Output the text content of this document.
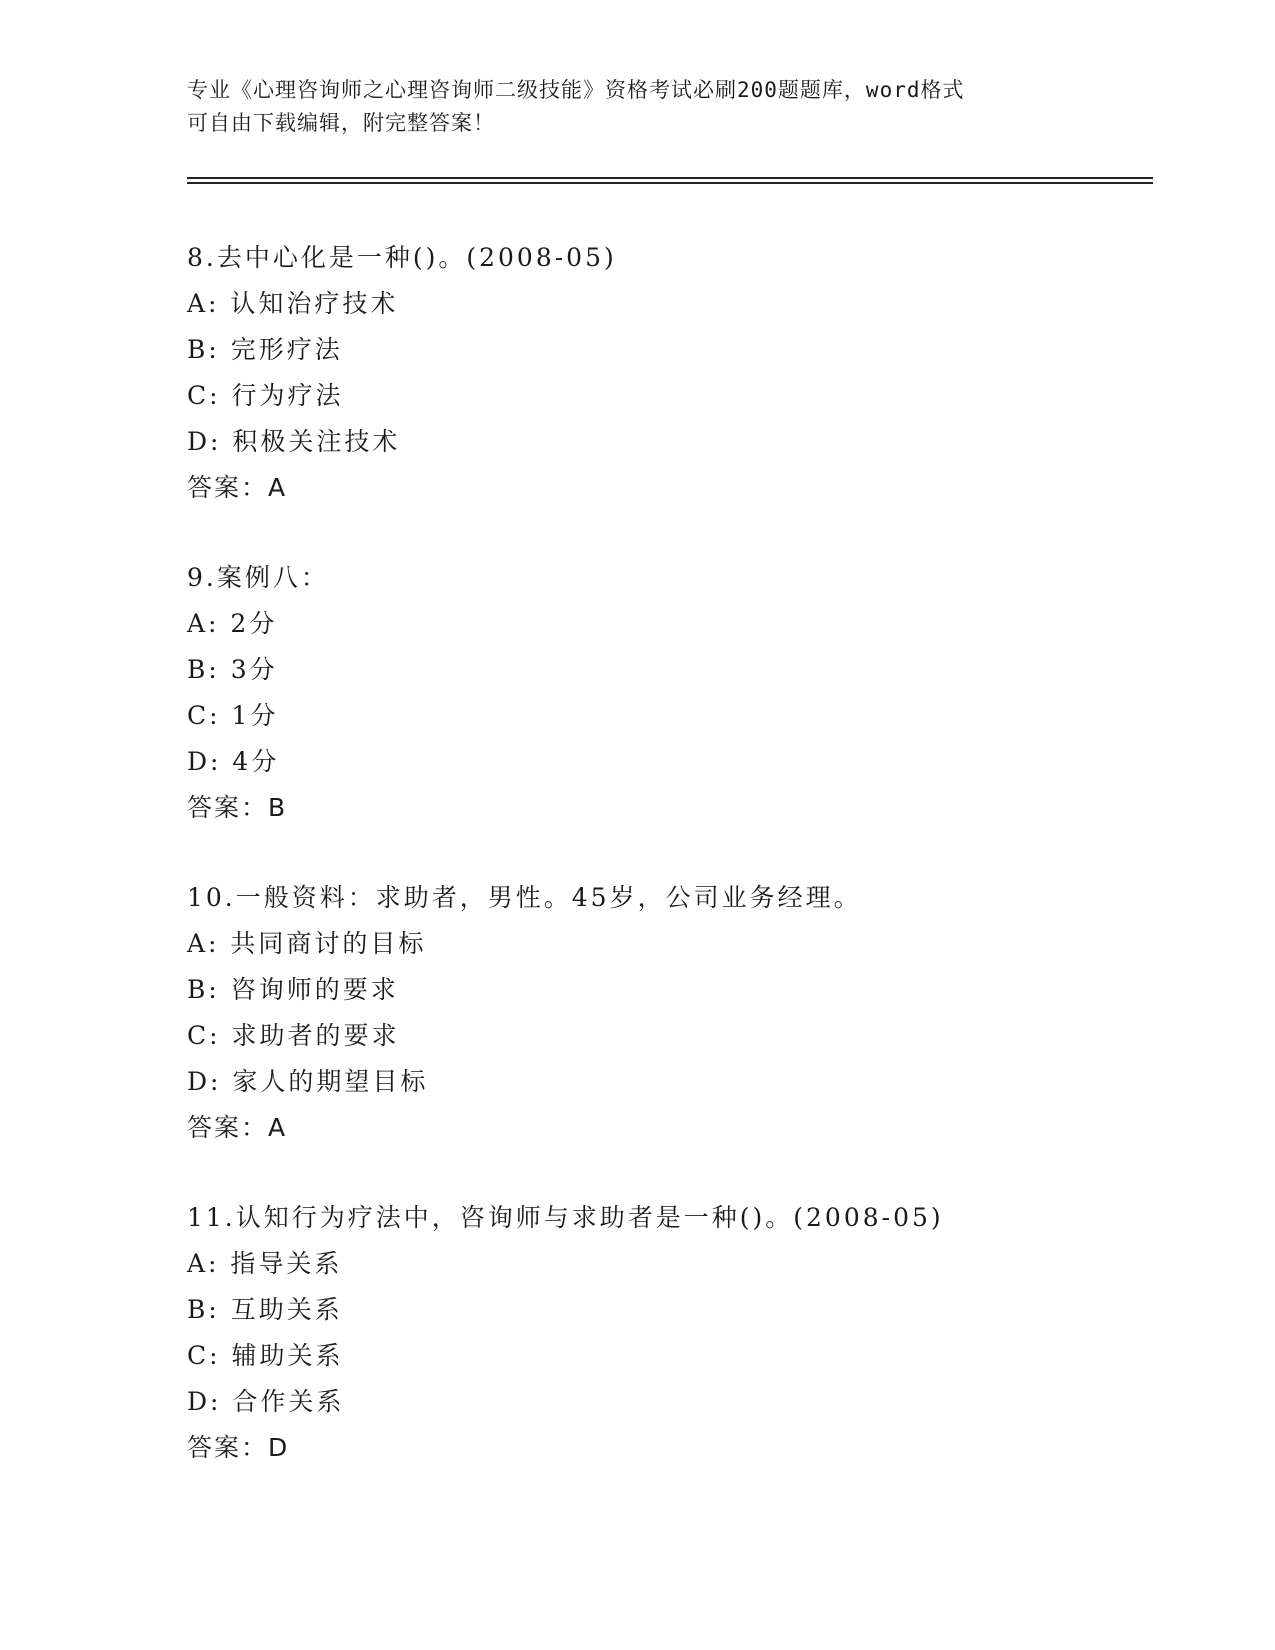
专业《心理咨询师之心理咨询师二级技能》资格考试必刷200题题库，word格式
可自由下载编辑，附完整答案！
8.去中心化是一种()。(2008-05)
A: 认知治疗技术
B: 完形疗法
C: 行为疗法
D: 积极关注技术
答案：A
9.案例八：
A: 2分
B: 3分
C: 1分
D: 4分
答案：B
10.一般资料：求助者，男性。45岁，公司业务经理。
A: 共同商讨的目标
B: 咨询师的要求
C: 求助者的要求
D: 家人的期望目标
答案：A
11.认知行为疗法中，咨询师与求助者是一种()。(2008-05)
A: 指导关系
B: 互助关系
C: 辅助关系
D: 合作关系
答案：D
